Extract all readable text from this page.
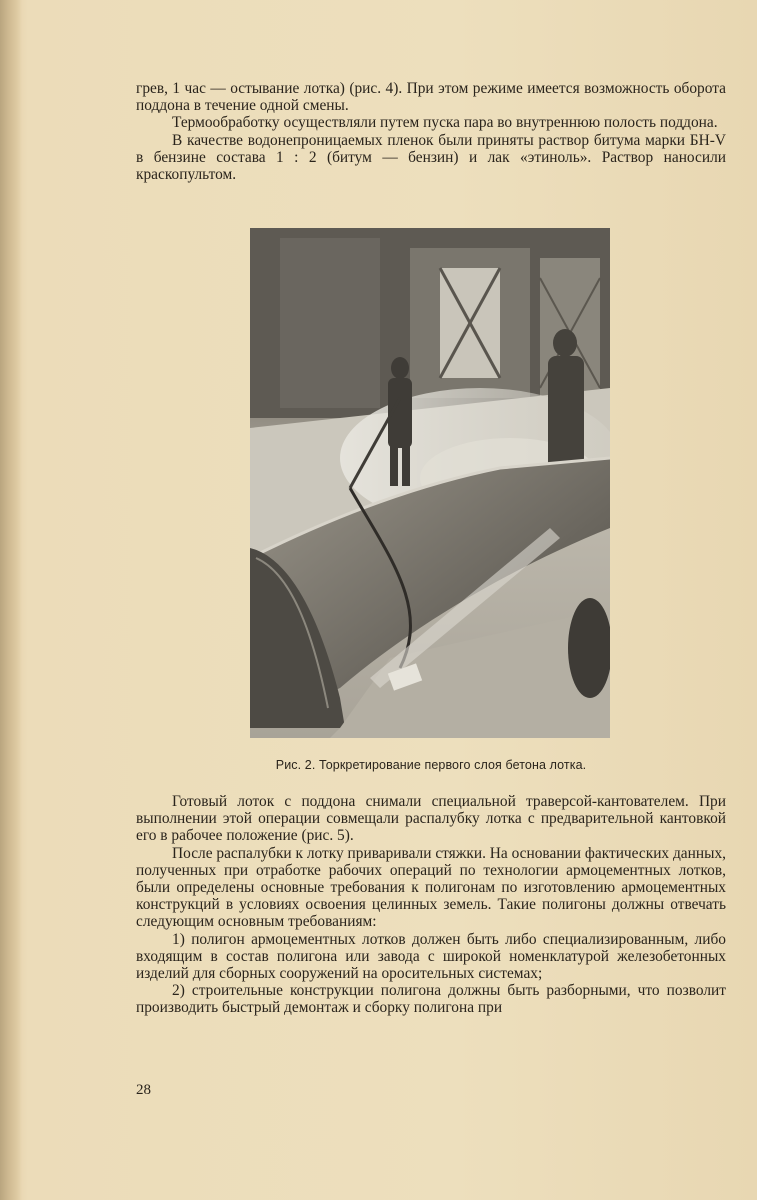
грев, 1 час — остывание лотка) (рис. 4). При этом режиме имеется возможность оборота поддона в течение одной смены.

Термообработку осуществляли путем пуска пара во внутреннюю полость поддона.

В качестве водонепроницаемых пленок были приняты раствор битума марки БН-V в бензине состава 1 : 2 (битум — бензин) и лак «этиноль». Раствор наносили краскопультом.

Рис. 2. Торкретирование первого слоя бетона лотка.

Готовый лоток с поддона снимали специальной траверсой-кантователем. При выполнении этой операции совмещали распалубку лотка с предварительной кантовкой его в рабочее положение (рис. 5).

После распалубки к лотку приваривали стяжки. На основании фактических данных, полученных при отработке рабочих операций по технологии армоцементных лотков, были определены основные требования к полигонам по изготовлению армоцементных конструкций в условиях освоения целинных земель. Такие полигоны должны отвечать следующим основным требованиям:

1) полигон армоцементных лотков должен быть либо специализированным, либо входящим в состав полигона или завода с широкой номенклатурой железобетонных изделий для сборных сооружений на оросительных системах;

2) строительные конструкции полигона должны быть разборными, что позволит производить быстрый демонтаж и сборку полигона при

28
